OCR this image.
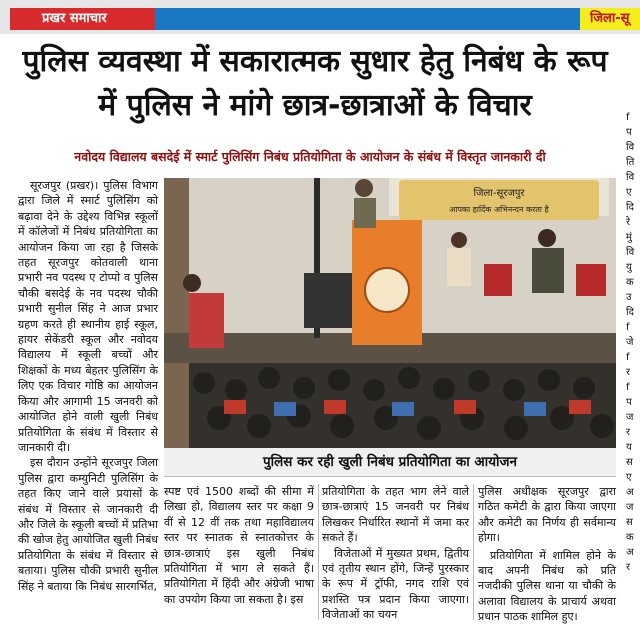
प्रखर समाचार	जिला-सू
पुलिस व्यवस्था में सकारात्मक सुधार हेतु निबंध के रूप में पुलिस ने मांगे छात्र-छात्राओं के विचार

नवोदय विद्यालय बसदेई में स्मार्ट पुलिसिंग निबंध प्रतियोगिता के आयोजन के संबंध में विस्तृत जानकारी दी

सूरजपुर (प्रखर)। पुलिस विभाग द्वारा जिले में स्मार्ट पुलिसिंग को बढ़ावा देने के उद्देश्य विभिन्न स्कूलों में कॉलेजों में निबंध प्रतियोगिता का आयोजन किया जा रहा है जिसके तहत सूरजपुर कोतवाली थाना प्रभारी नव पदस्थ ए टोप्पो व पुलिस चौकी बसदेई के नव पदस्थ चौकी प्रभारी सुनील सिंह ने आज प्रभार ग्रहण करते ही स्थानीय हाई स्कूल, हायर सेकेंडरी स्कूल और नवोदय विद्यालय में स्कूली बच्चों और शिक्षकों के मध्य बेहतर पुलिसिंग के लिए एक विचार गोष्ठि का आयोजन किया और आगामी 15 जनवरी को आयोजित होने वाली खुली निबंध प्रतियोगिता के संबंध में विस्तार से जानकारी दी।

इस दौरान उन्होंने सूरजपुर जिला पुलिस द्वारा कम्युनिटी पुलिसिंग के तहत किए जाने वाले प्रयासों के संबंध में विस्तार से जानकारी दी और जिले के स्कूली बच्चों में प्रतिभा की खोज हेतु आयोजित खुली निबंध प्रतियोगिता के संबंध में विस्तार से बताया। पुलिस चौकी प्रभारी सुनील सिंह ने बताया कि निबंध सारगर्भित,

जिला-सूरजपुर
आपका हार्दिक अभिनन्दन करता है
पुलिस कर रही खुली निबंध प्रतियोगिता का आयोजन

स्पष्ट एवं 1500 शब्दों की सीमा में लिखा हो, विद्यालय स्तर पर कक्षा 9 वीं से 12 वीं तक तथा महाविद्यालय स्तर पर स्नातक से स्नातकोत्तर के छात्र-छात्राएं इस खुली निबंध प्रतियोगिता में भाग ले सकते हैं। प्रतियोगिता में हिंदी और अंग्रेजी भाषा का उपयोग किया जा सकता है। इस

प्रतियोगिता के तहत भाग लेने वाले छात्र-छात्राएं 15 जनवरी पर निबंध लिखकर निर्धारित स्थानों में जमा कर सकते हैं।

विजेताओं में मुख्यत प्रथम, द्वितीय एवं तृतीय स्थान होंगे, जिन्हें पुरस्कार के रूप में ट्रॉफी, नगद राशि एवं प्रशस्ति पत्र प्रदान किया जाएगा। विजेताओं का चयन

पुलिस अधीक्षक सूरजपुर द्वारा गठित कमेटी के द्वारा किया जाएगा और कमेटी का निर्णय ही सर्वमान्य होगा।

प्रतियोगिता में शामिल होने के बाद अपनी निबंध को प्रति नजदीकी पुलिस थाना या चौकी के अलावा विद्यालय के प्राचार्य अथवा प्रधान पाठक शामिल हुए।

f
प
वि
ति
वि
ए
दि
रे
मुं
वि
यु
क
उ
दि
f
जे
f
र
f
प
ज
र
य
स
ए
अ
ज
स
क
अ
र
